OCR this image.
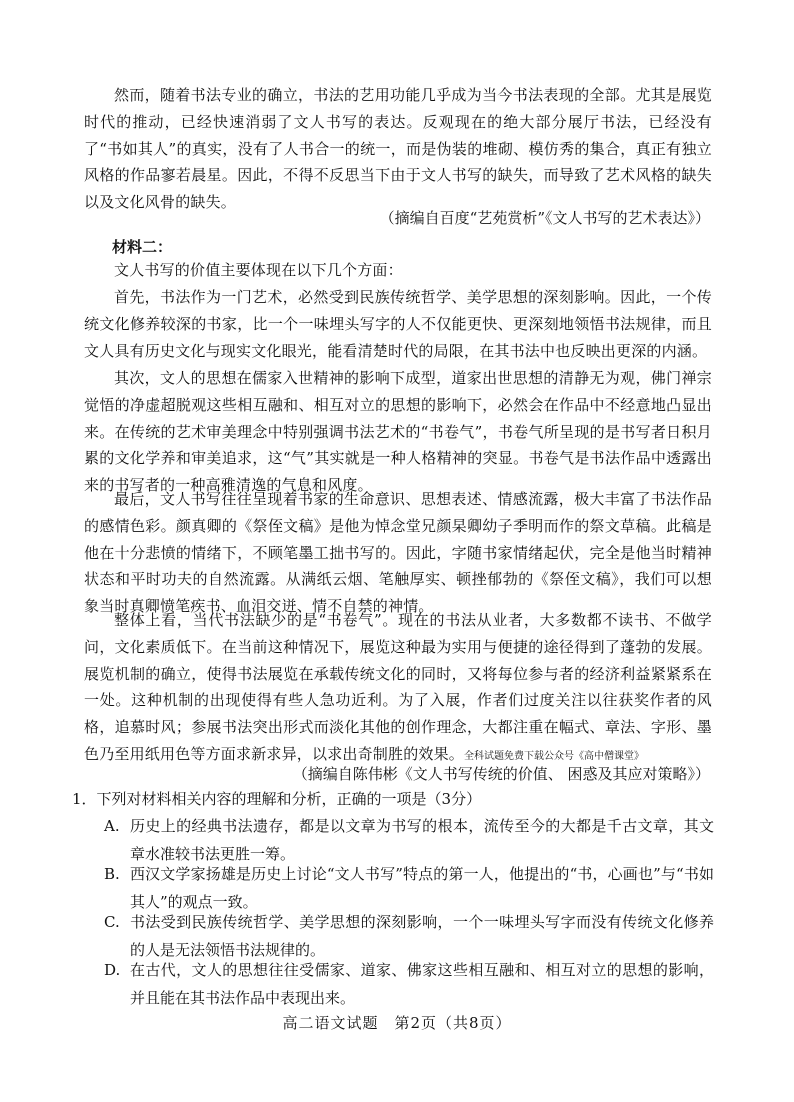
然而，随着书法专业的确立，书法的艺用功能几乎成为当今书法表现的全部。尤其是展览时代的推动，已经快速消弱了文人书写的表达。反观现在的绝大部分展厅书法，已经没有了“书如其人”的真实，没有了人书合一的统一，而是伪装的堆砌、模仿秀的集合，真正有独立风格的作品寥若晨星。因此，不得不反思当下由于文人书写的缺失，而导致了艺术风格的缺失以及文化风骨的缺失。

（摘编自百度“艺苑赏析”《文人书写的艺术表达》）
材料二：

文人书写的价值主要体现在以下几个方面：

首先，书法作为一门艺术，必然受到民族传统哲学、美学思想的深刻影响。因此，一个传统文化修养较深的书家，比一个一味埋头写字的人不仅能更快、更深刻地领悟书法规律，而且文人具有历史文化与现实文化眼光，能看清楚时代的局限，在其书法中也反映出更深的内涵。

其次，文人的思想在儒家入世精神的影响下成型，道家出世思想的清静无为观，佛门禅宗觉悟的净虚超脱观这些相互融和、相互对立的思想的影响下，必然会在作品中不经意地凸显出来。在传统的艺术审美理念中特别强调书法艺术的“书卷气”，书卷气所呈现的是书写者日积月累的文化学养和审美追求，这“气”其实就是一种人格精神的突显。书卷气是书法作品中透露出来的书写者的一种高雅清逸的气息和风度。

最后，文人书写往往呈现着书家的生命意识、思想表述、情感流露，极大丰富了书法作品的感情色彩。颜真卿的《祭侄文稿》是他为悼念堂兄颜杲卿幼子季明而作的祭文草稿。此稿是他在十分悲愤的情绪下，不顾笔墨工拙书写的。因此，字随书家情绪起伏，完全是他当时精神状态和平时功夫的自然流露。从满纸云烟、笔触厚实、顿挫郁勃的《祭侄文稿》，我们可以想象当时真卿愤笔疾书、血泪交迸、情不自禁的神情。

整体上看，当代书法缺少的是“书卷气”。现在的书法从业者，大多数都不读书、不做学问，文化素质低下。在当前这种情况下，展览这种最为实用与便捷的途径得到了蓬勃的发展。展览机制的确立，使得书法展览在承载传统文化的同时，又将每位参与者的经济利益紧紧系在一处。这种机制的出现使得有些人急功近利。为了入展，作者们过度关注以往获奖作者的风格，追慕时风；参展书法突出形式而淡化其他的创作理念，大都注重在幅式、章法、字形、墨色乃至用纸用色等方面求新求异，以求出奇制胜的效果。全科试题免费下载公众号《高中僧课堂》

（摘编自陈伟彬《文人书写传统的价值、 困惑及其应对策略》）
1．下列对材料相关内容的理解和分析，正确的一项是（3分）
A. 历史上的经典书法遗存，都是以文章为书写的根本，流传至今的大都是千古文章，其文章水准较书法更胜一筹。
B. 西汉文学家扬雄是历史上讨论“文人书写”特点的第一人，他提出的“书，心画也”与“书如其人”的观点一致。
C. 书法受到民族传统哲学、美学思想的深刻影响，一个一味埋头写字而没有传统文化修养的人是无法领悟书法规律的。
D. 在古代，文人的思想往往受儒家、道家、佛家这些相互融和、相互对立的思想的影响，并且能在其书法作品中表现出来。
高二语文试题　第2页（共8页）
